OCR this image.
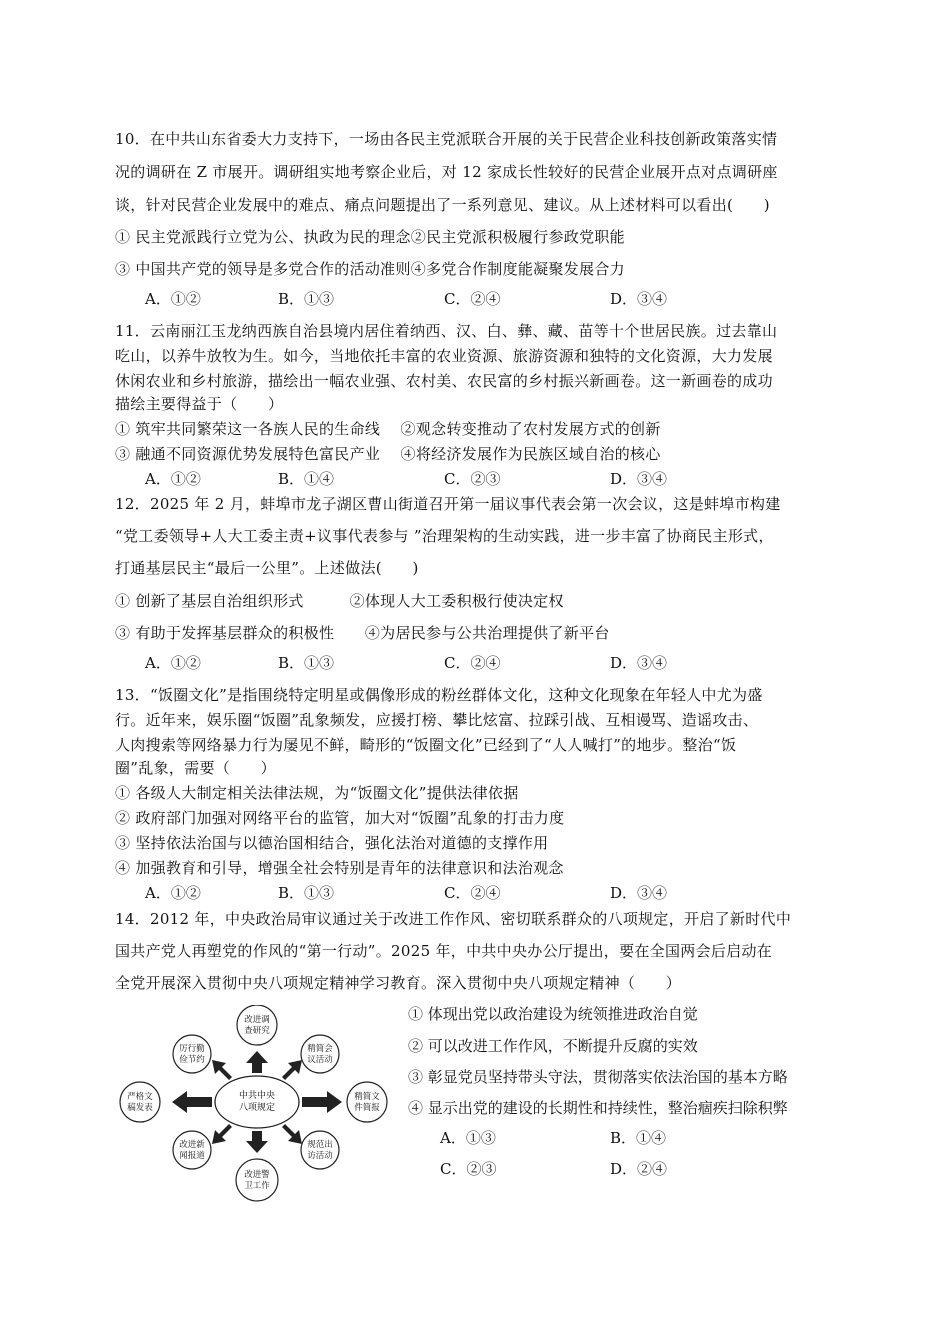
10．在中共山东省委大力支持下，一场由各民主党派联合开展的关于民营企业科技创新政策落实情
况的调研在 Z 市展开。调研组实地考察企业后，对 12 家成长性较好的民营企业展开点对点调研座
谈，针对民营企业发展中的难点、痛点问题提出了一系列意见、建议。从上述材料可以看出(　　)
① 民主党派践行立党为公、执政为民的理念②民主党派积极履行参政党职能
③ 中国共产党的领导是多党合作的活动准则④多党合作制度能凝聚发展合力
A．①②	B．①③	C．②④	D．③④
11．云南丽江玉龙纳西族自治县境内居住着纳西、汉、白、彝、藏、苗等十个世居民族。过去靠山
吃山，以养牛放牧为生。如今，当地依托丰富的农业资源、旅游资源和独特的文化资源，大力发展
休闲农业和乡村旅游，描绘出一幅农业强、农村美、农民富的乡村振兴新画卷。这一新画卷的成功
描绘主要得益于（　　）
① 筑牢共同繁荣这一各族人民的生命线　 ②观念转变推动了农村发展方式的创新
③ 融通不同资源优势发展特色富民产业　 ④将经济发展作为民族区域自治的核心
A．①②	B．①④	C．②③	D．③④
12．2025 年 2 月，蚌埠市龙子湖区曹山街道召开第一届议事代表会第一次会议，这是蚌埠市构建
“党工委领导+人大工委主责+议事代表参与 ”治理架构的生动实践，进一步丰富了协商民主形式，
打通基层民主“最后一公里”。上述做法(　　)
① 创新了基层自治组织形式　　　②体现人大工委积极行使决定权
③ 有助于发挥基层群众的积极性　　④为居民参与公共治理提供了新平台
A．①②	B．①③	C．②④	D．③④
13．“饭圈文化”是指围绕特定明星或偶像形成的粉丝群体文化，这种文化现象在年轻人中尤为盛
行。近年来，娱乐圈“饭圈”乱象频发，应援打榜、攀比炫富、拉踩引战、互相谩骂、造谣攻击、
人肉搜索等网络暴力行为屡见不鲜，畸形的“饭圈文化”已经到了“人人喊打”的地步。整治“饭
圈”乱象，需要（　　）
① 各级人大制定相关法律法规，为“饭圈文化”提供法律依据
② 政府部门加强对网络平台的监管，加大对“饭圈”乱象的打击力度
③ 坚持依法治国与以德治国相结合，强化法治对道德的支撑作用
④ 加强教育和引导，增强全社会特别是青年的法律意识和法治观念
A．①②	B．①③	C．②④	D．③④
14．2012 年，中央政治局审议通过关于改进工作作风、密切联系群众的八项规定，开启了新时代中
国共产党人再塑党的作风的“第一行动”。2025 年，中共中央办公厅提出，要在全国两会后启动在
全党开展深入贯彻中央八项规定精神学习教育。深入贯彻中央八项规定精神（　　）
① 体现出党以政治建设为统领推进政治自觉
② 可以改进工作作风，不断提升反腐的实效
③ 彰显党员坚持带头守法，贯彻落实依法治国的基本方略
④ 显示出党的建设的长期性和持续性，整治痼疾扫除积弊
A．①③	B．①④
C．②③	D．②④
中共中央
八项规定
改进调
查研究
精简会
议活动
精简文
件简报
规范出
访活动
改进警
卫工作
改进新
闻报道
严格文
稿发表
厉行勤
俭节约
